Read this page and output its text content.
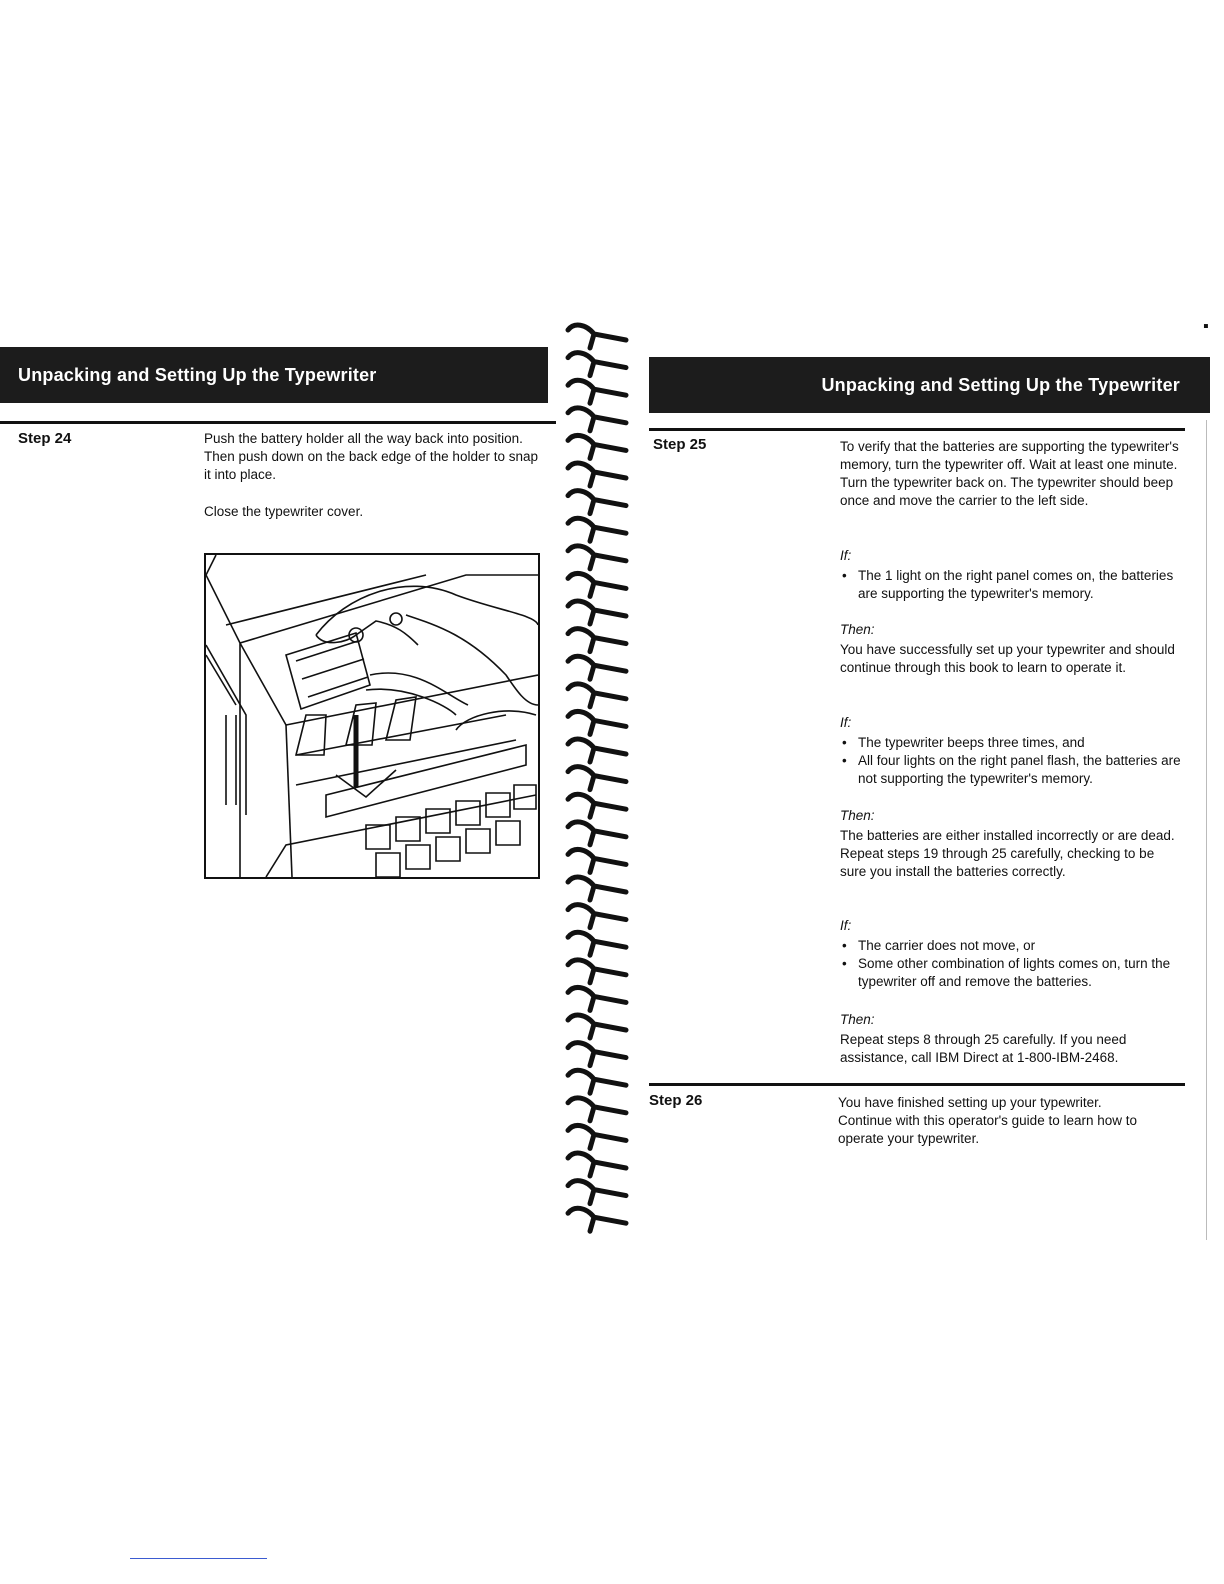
Unpacking and Setting Up the Typewriter
Step 24	Push the battery holder all the way back into position. Then push down on the back edge of the holder to snap it into place.

Close the typewriter cover.

Unpacking and Setting Up the Typewriter
Step 25	To verify that the batteries are supporting the typewriter's memory, turn the typewriter off. Wait at least one minute. Turn the typewriter back on. The typewriter should beep once and move the carrier to the left side.

If:
• The 1 light on the right panel comes on, the batteries are supporting the typewriter's memory.
Then:

You have successfully set up your typewriter and should continue through this book to learn to operate it.

If:
• The typewriter beeps three times, and
• All four lights on the right panel flash, the batteries are not supporting the typewriter's memory.
Then:

The batteries are either installed incorrectly or are dead. Repeat steps 19 through 25 carefully, checking to be sure you install the batteries correctly.

If:
• The carrier does not move, or
• Some other combination of lights comes on, turn the typewriter off and remove the batteries.
Then:

Repeat steps 8 through 25 carefully. If you need assistance, call IBM Direct at 1-800-IBM-2468.

Step 26	You have finished setting up your typewriter. Continue with this operator's guide to learn how to operate your typewriter.

▪
